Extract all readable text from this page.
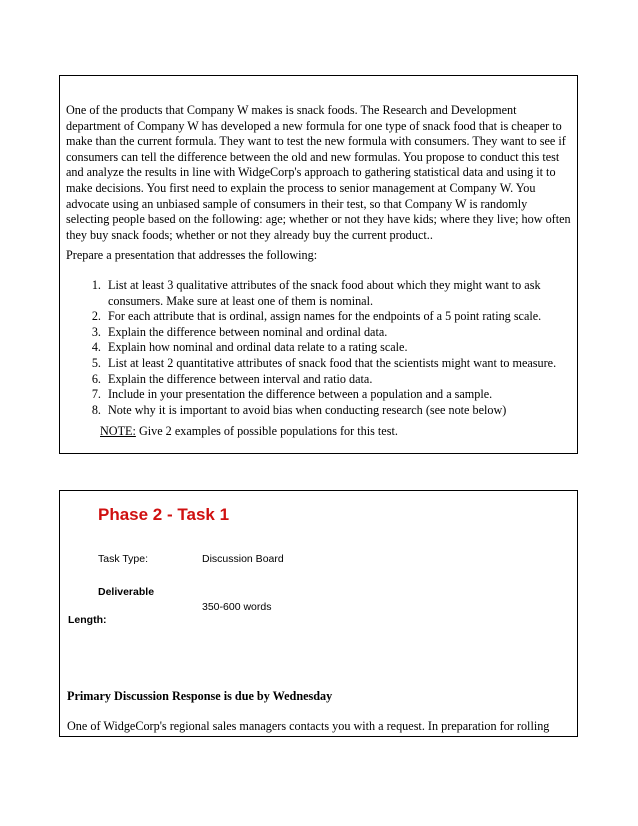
One of the products that Company W makes is snack foods. The Research and Development department of Company W has developed a new formula for one type of snack food that is cheaper to make than the current formula. They want to test the new formula with consumers. They want to see if consumers can tell the difference between the old and new formulas. You propose to conduct this test and analyze the results in line with WidgeCorp's approach to gathering statistical data and using it to make decisions. You first need to explain the process to senior management at Company W. You advocate using an unbiased sample of consumers in their test, so that Company W is randomly selecting people based on the following: age; whether or not they have kids; where they live; how often they buy snack foods; whether or not they already buy the current product..

Prepare a presentation that addresses the following:

1. List at least 3 qualitative attributes of the snack food about which they might want to ask consumers. Make sure at least one of them is nominal.
2. For each attribute that is ordinal, assign names for the endpoints of a 5 point rating scale.
3. Explain the difference between nominal and ordinal data.
4. Explain how nominal and ordinal data relate to a rating scale.
5. List at least 2 quantitative attributes of snack food that the scientists might want to measure.
6. Explain the difference between interval and ratio data.
7. Include in your presentation the difference between a population and a sample.
8. Note why it is important to avoid bias when conducting research (see note below)

NOTE: Give 2 examples of possible populations for this test.

Phase 2 - Task 1
Task Type:	Discussion Board
Deliverable
350-600 words
Length:
Primary Discussion Response is due by Wednesday
One of WidgeCorp's regional sales managers contacts you with a request. In preparation for rolling
